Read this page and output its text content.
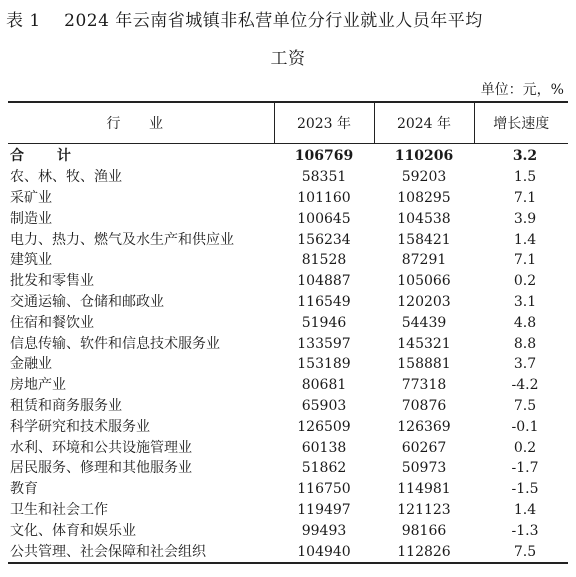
表 1　 2024 年云南省城镇非私营单位分行业就业人员年平均
工资
单位：元，%
行 业	2023 年	2024 年	增长速度
合 计	106769	110206	3.2
农、林、牧、渔业	58351	59203	1.5
采矿业	101160	108295	7.1
制造业	100645	104538	3.9
电力、热力、燃气及水生产和供应业	156234	158421	1.4
建筑业	81528	87291	7.1
批发和零售业	104887	105066	0.2
交通运输、仓储和邮政业	116549	120203	3.1
住宿和餐饮业	51946	54439	4.8
信息传输、软件和信息技术服务业	133597	145321	8.8
金融业	153189	158881	3.7
房地产业	80681	77318	-4.2
租赁和商务服务业	65903	70876	7.5
科学研究和技术服务业	126509	126369	-0.1
水利、环境和公共设施管理业	60138	60267	0.2
居民服务、修理和其他服务业	51862	50973	-1.7
教育	116750	114981	-1.5
卫生和社会工作	119497	121123	1.4
文化、体育和娱乐业	99493	98166	-1.3
公共管理、社会保障和社会组织	104940	112826	7.5
